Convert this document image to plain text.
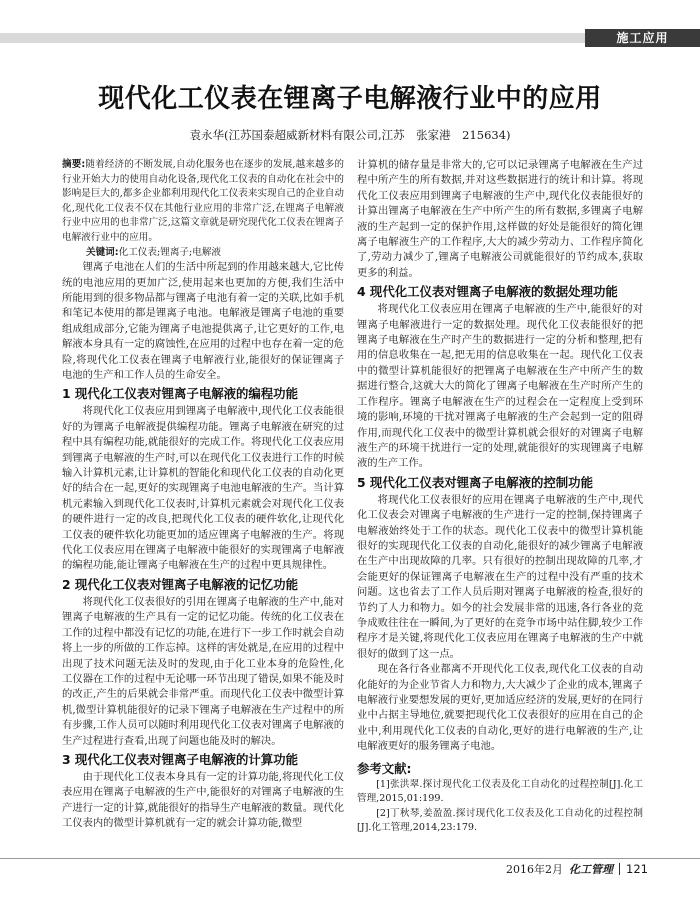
施工应用
现代化工仪表在锂离子电解液行业中的应用
袁永华(江苏国泰超威新材料有限公司,江苏　张家港　215634)
摘要:随着经济的不断发展,自动化服务也在逐步的发展,越来越多的行业开始大力的使用自动化设备,现代化工仪表的自动化在社会中的影响是巨大的,都多企业都利用现代化工仪表来实现自己的企业自动化,现代化工仪表不仅在其他行业应用的非常广泛,在锂离子电解液行业中应用的也非常广泛,这篇文章就是研究现代化工仪表在锂离子电解液行业中的应用。
关键词:化工仪表;锂离子;电解液

锂离子电池在人们的生活中所起到的作用越来越大,它比传统的电池应用的更加广泛,使用起来也更加的方便,我们生活中所能用到的很多物品都与锂离子电池有着一定的关联,比如手机和笔记本使用的都是锂离子电池。电解液是锂离子电池的重要组成组成部分,它能为锂离子电池提供离子,让它更好的工作,电解液本身具有一定的腐蚀性,在应用的过程中也存在着一定的危险,将现代化工仪表在锂离子电解液行业,能很好的保证锂离子电池的生产和工作人员的生命安全。

1 现代化工仪表对锂离子电解液的编程功能

将现代化工仪表应用到锂离子电解液中,现代化工仪表能很好的为锂离子电解液提供编程功能。锂离子电解液在研究的过程中具有编程功能,就能很好的完成工作。将现代化工仪表应用到锂离子电解液的生产时,可以在现代化工仪表进行工作的时候输入计算机元素,让计算机的智能化和现代化工仪表的自动化更好的结合在一起,更好的实现锂离子电池电解液的生产。当计算机元素输入到现代化工仪表时,计算机元素就会对现代化工仪表的硬件进行一定的改良,把现代化工仪表的硬件软化,让现代化工仪表的硬件软化功能更加的适应锂离子电解液的生产。将现代化工仪表应用在锂离子电解液中能很好的实现锂离子电解液的编程功能,能让锂离子电解液在生产的过程中更具规律性。

2 现代化工仪表对锂离子电解液的记忆功能

将现代化工仪表很好的引用在锂离子电解液的生产中,能对锂离子电解液的生产具有一定的记忆功能。传统的化工仪表在工作的过程中都没有记忆的功能,在进行下一步工作时就会自动将上一步的所做的工作忘掉。这样的害处就是,在应用的过程中出现了技术问题无法及时的发现,由于化工业本身的危险性,化工仪器在工作的过程中无论哪一环节出现了错误,如果不能及时的改正,产生的后果就会非常严重。而现代化工仪表中微型计算机,微型计算机能很好的记录下锂离子电解液在生产过程中的所有步骤,工作人员可以随时利用现代化工仪表对锂离子电解液的生产过程进行查看,出现了问题也能及时的解决。

3 现代化工仪表对锂离子电解液的计算功能

由于现代化工仪表本身具有一定的计算功能,将现代化工仪表应用在锂离子电解液的生产中,能很好的对锂离子电解液的生产进行一定的计算,就能很好的指导生产电解液的数量。现代化工仪表内的微型计算机就有一定的就会计算功能,微型

计算机的储存量是非常大的,它可以记录锂离子电解液在生产过程中所产生的所有数据,并对这些数据进行的统计和计算。将现代化工仪表应用到锂离子电解液的生产中,现代化仪表能很好的计算出锂离子电解液在生产中所产生的所有数据,多锂离子电解液的生产起到一定的保护作用,这样做的好处是能很好的简化锂离子电解液生产的工作程序,大大的减少劳动力、工作程序简化了,劳动力减少了,锂离子电解液公司就能很好的节约成本,获取更多的利益。

4 现代化工仪表对锂离子电解液的数据处理功能

将现代化工仪表应用在锂离子电解液的生产中,能很好的对锂离子电解液进行一定的数据处理。现代化工仪表能很好的把锂离子电解液在生产时产生的数据进行一定的分析和整理,把有用的信息收集在一起,把无用的信息收集在一起。现代化工仪表中的微型计算机能很好的把锂离子电解液在生产中所产生的数据进行整合,这就大大的简化了锂离子电解液在生产时所产生的工作程序。锂离子电解液在生产的过程会在一定程度上受到环境的影响,环境的干扰对锂离子电解液的生产会起到一定的阻碍作用,而现代化工仪表中的微型计算机就会很好的对锂离子电解液生产的环境干扰进行一定的处理,就能很好的实现锂离子电解液的生产工作。

5 现代化工仪表对锂离子电解液的控制功能

将现代化工仪表很好的应用在锂离子电解液的生产中,现代化工仪表会对锂离子电解液的生产进行一定的控制,保持锂离子电解液始终处于工作的状态。现代化工仪表中的微型计算机能很好的实现现代化工仪表的自动化,能很好的减少锂离子电解液在生产中出现故障的几率。只有很好的控制出现故障的几率,才会能更好的保证锂离子电解液在生产的过程中没有严重的技术问题。这也省去了工作人员后期对锂离子电解液的检查,很好的节约了人力和物力。如今的社会发展非常的迅速,各行各业的竞争成败往往在一瞬间,为了更好的在竞争市场中站住脚,较少工作程序才是关键,将现代化工仪表应用在锂离子电解液的生产中就很好的做到了这一点。

现在各行各业都离不开现代化工仪表,现代化工仪表的自动化能好的为企业节省人力和物力,大大减少了企业的成本,锂离子电解液行业要想发展的更好,更加适应经济的发展,更好的在同行业中占据主导地位,就要把现代化工仪表很好的应用在自己的企业中,利用现代化工仪表的自动化,更好的进行电解液的生产,让电解液更好的服务锂离子电池。

参考文献:

[1]张洪翠.探讨现代化工仪表及化工自动化的过程控制[J].化工管理,2015,01:199.

[2]丁秋琴,姜盈盈.探讨现代化工仪表及化工自动化的过程控制[J].化工管理,2014,23:179.

2016年2月 化工管理 121
